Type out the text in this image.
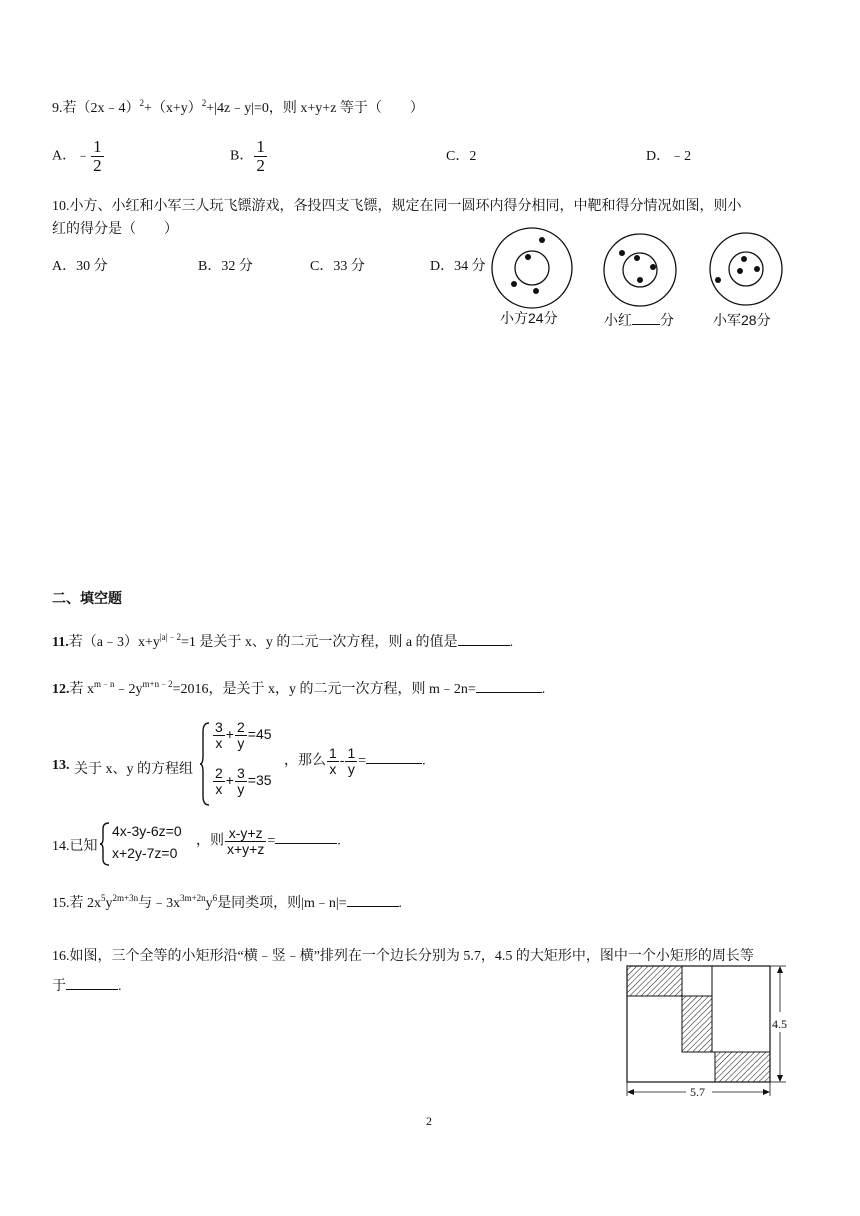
9.若$(2x﹣4)^2+(x+y)^2+|4z﹣y|=0$，则 x+y+z 等于（　　）
A．﹣ $\frac{1}{2}$	B． $\frac{1}{2}$	C．2	D．﹣2
10.小方、小红和小军三人玩飞镖游戏，各投四支飞镖，规定在同一圆环内得分相同，中靶和得分情况如图，则小
红的得分是（　　）
A．30 分	B．32 分	C．33 分	D．34 分
小方24分	小红 分	小军28分
二、填空题
11.若$(a﹣3)x+y^{|a|﹣2}=1$ 是关于 x、y 的二元一次方程，则 a 的值是	.
12.若 $x^{m﹣n}﹣2y^{m+n﹣2}=2016$，是关于 x，y 的二元一次方程，则 m﹣2n=	.
13. 关于 x、y 的方程组
$\frac{3}{x} + \frac{2}{y} =45$
$\frac{2}{x} + \frac{3}{y} =35$
，那么 $\frac{1}{x} - \frac{1}{y}$ =	.
14.已知
4x-3y-6z=0
x+2y-7z=0
，则 $\frac{x-y+z}{x+y+z}$ =	.
15.若 $2x^5y^{2m+3n}$与$﹣3x^{3m+2n}y^6$是同类项，则|m﹣n|=	.
16.如图，三个全等的小矩形沿“横﹣竖﹣横”排列在一个边长分别为 5.7，4.5 的大矩形中，图中一个小矩形的周长等
于	.
4.5
5.7
2
